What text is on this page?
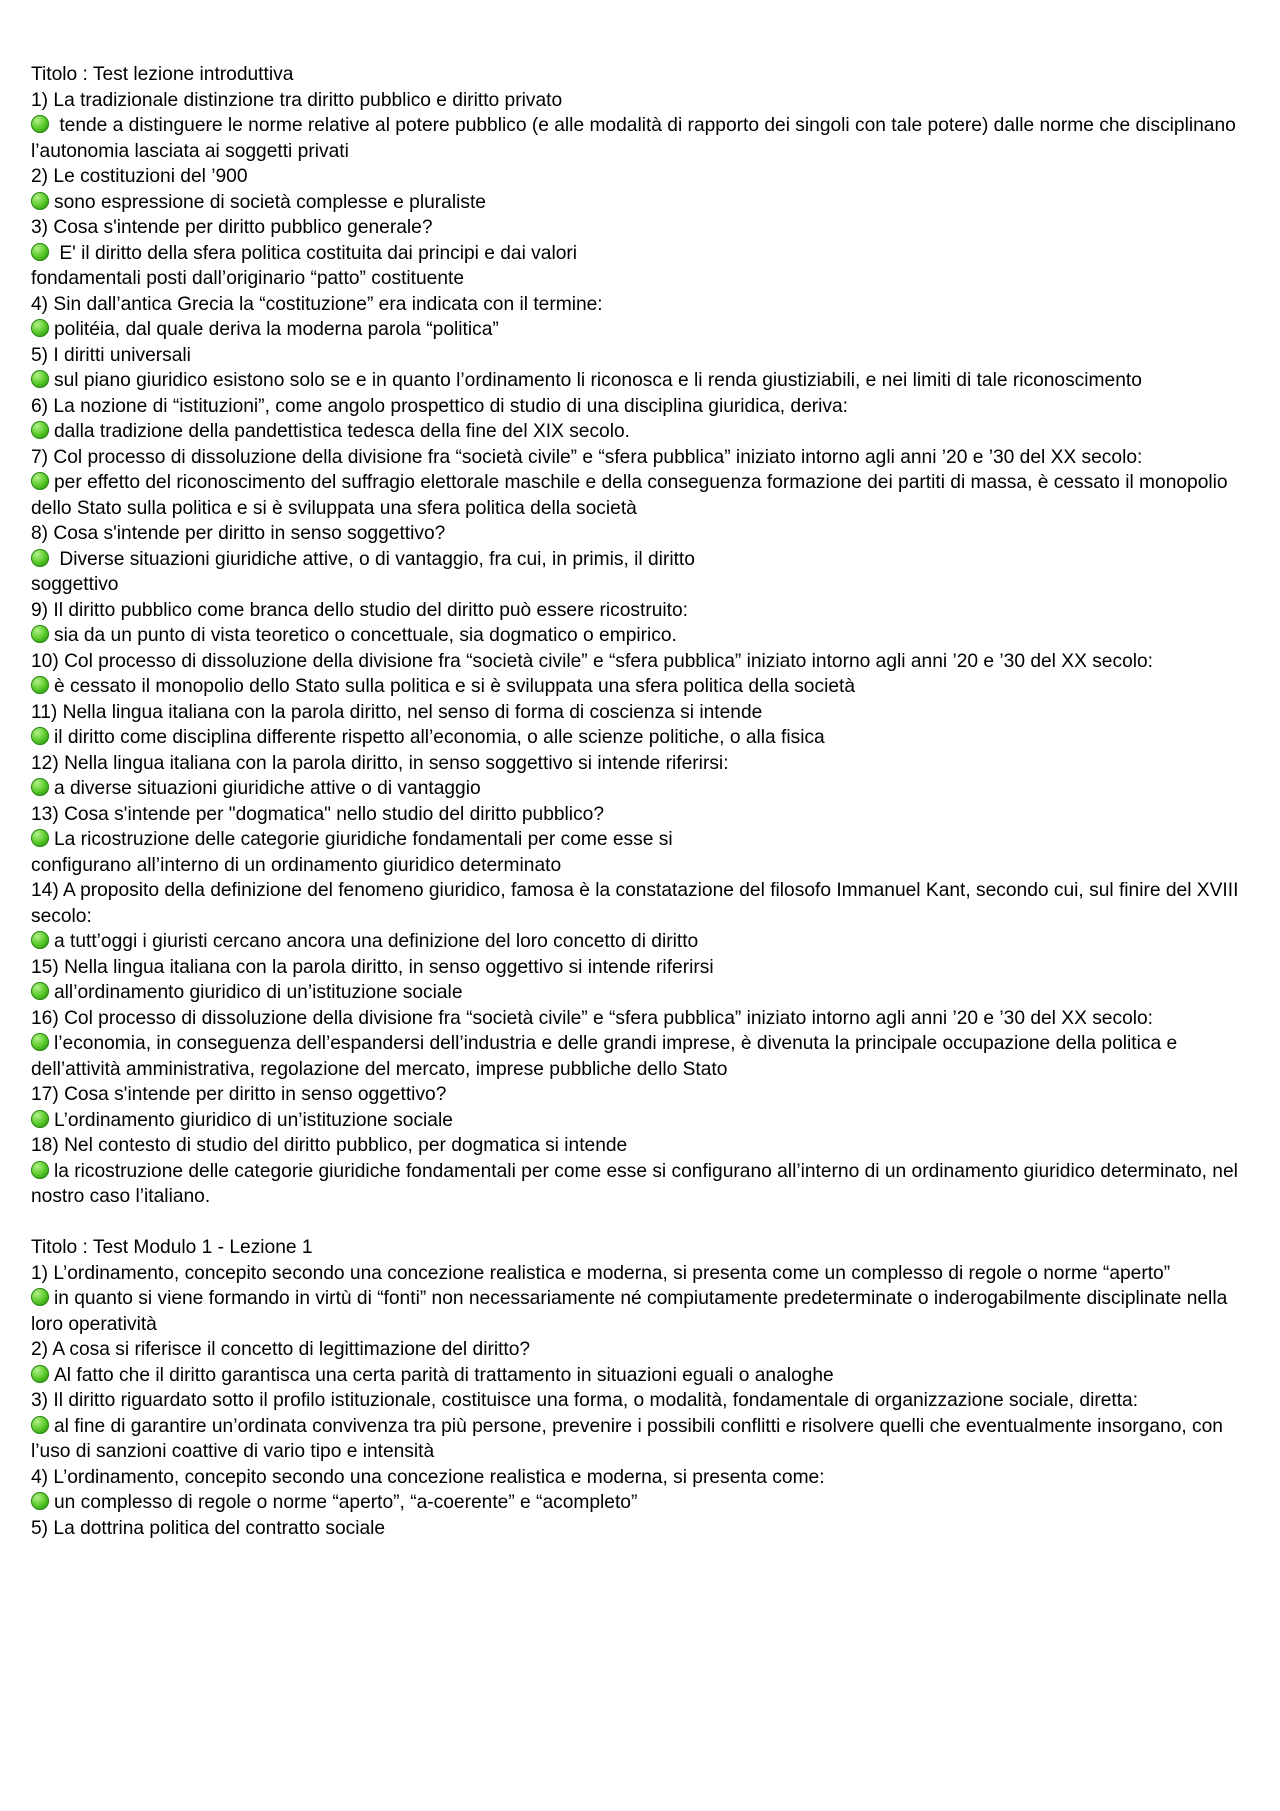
Titolo : Test lezione introduttiva
1) La tradizionale distinzione tra diritto pubblico e diritto privato
tende a distinguere le norme relative al potere pubblico (e alle modalità di rapporto dei singoli con tale potere) dalle norme che disciplinano l’autonomia lasciata ai soggetti privati
2) Le costituzioni del ’900
sono espressione di società complesse e pluraliste
3) Cosa s'intende per diritto pubblico generale?
E' il diritto della sfera politica costituita dai principi e dai valori
fondamentali posti dall’originario “patto” costituente
4) Sin dall’antica Grecia la “costituzione” era indicata con il termine:
politéia, dal quale deriva la moderna parola “politica”
5) I diritti universali
sul piano giuridico esistono solo se e in quanto l’ordinamento li riconosca e li renda giustiziabili, e nei limiti di tale riconoscimento
6) La nozione di “istituzioni”, come angolo prospettico di studio di una disciplina giuridica, deriva:
dalla tradizione della pandettistica tedesca della fine del XIX secolo.
7) Col processo di dissoluzione della divisione fra “società civile” e “sfera pubblica” iniziato intorno agli anni ’20 e ’30 del XX secolo:
per effetto del riconoscimento del suffragio elettorale maschile e della conseguenza formazione dei partiti di massa, è cessato il monopolio dello Stato sulla politica e si è sviluppata una sfera politica della società
8) Cosa s'intende per diritto in senso soggettivo?
Diverse situazioni giuridiche attive, o di vantaggio, fra cui, in primis, il diritto
soggettivo
9) Il diritto pubblico come branca dello studio del diritto può essere ricostruito:
sia da un punto di vista teoretico o concettuale, sia dogmatico o empirico.
10) Col processo di dissoluzione della divisione fra “società civile” e “sfera pubblica” iniziato intorno agli anni ’20 e ’30 del XX secolo:
è cessato il monopolio dello Stato sulla politica e si è sviluppata una sfera politica della società
11) Nella lingua italiana con la parola diritto, nel senso di forma di coscienza si intende
il diritto come disciplina differente rispetto all’economia, o alle scienze politiche, o alla fisica
12) Nella lingua italiana con la parola diritto, in senso soggettivo si intende riferirsi:
a diverse situazioni giuridiche attive o di vantaggio
13) Cosa s'intende per "dogmatica" nello studio del diritto pubblico?
La ricostruzione delle categorie giuridiche fondamentali per come esse si
configurano all’interno di un ordinamento giuridico determinato
14) A proposito della definizione del fenomeno giuridico, famosa è la constatazione del filosofo Immanuel Kant, secondo cui, sul finire del XVIII secolo:
a tutt’oggi i giuristi cercano ancora una definizione del loro concetto di diritto
15) Nella lingua italiana con la parola diritto, in senso oggettivo si intende riferirsi
all’ordinamento giuridico di un’istituzione sociale
16) Col processo di dissoluzione della divisione fra “società civile” e “sfera pubblica” iniziato intorno agli anni ’20 e ’30 del XX secolo:
l’economia, in conseguenza dell’espandersi dell’industria e delle grandi imprese, è divenuta la principale occupazione della politica e dell’attività amministrativa, regolazione del mercato, imprese pubbliche dello Stato
17) Cosa s'intende per diritto in senso oggettivo?
L’ordinamento giuridico di un’istituzione sociale
18) Nel contesto di studio del diritto pubblico, per dogmatica si intende
la ricostruzione delle categorie giuridiche fondamentali per come esse si configurano all’interno di un ordinamento giuridico determinato, nel nostro caso l’italiano.
Titolo : Test Modulo 1 - Lezione 1
1) L’ordinamento, concepito secondo una concezione realistica e moderna, si presenta come un complesso di regole o norme “aperto”
in quanto si viene formando in virtù di “fonti” non necessariamente né compiutamente predeterminate o inderogabilmente disciplinate nella loro operatività
2) A cosa si riferisce il concetto di legittimazione del diritto?
Al fatto che il diritto garantisca una certa parità di trattamento in situazioni eguali o analoghe
3) Il diritto riguardato sotto il profilo istituzionale, costituisce una forma, o modalità, fondamentale di organizzazione sociale, diretta:
al fine di garantire un’ordinata convivenza tra più persone, prevenire i possibili conflitti e risolvere quelli che eventualmente insorgano, con l’uso di sanzioni coattive di vario tipo e intensità
4) L’ordinamento, concepito secondo una concezione realistica e moderna, si presenta come:
un complesso di regole o norme “aperto”, “a-coerente” e “acompleto”
5) La dottrina politica del contratto sociale
